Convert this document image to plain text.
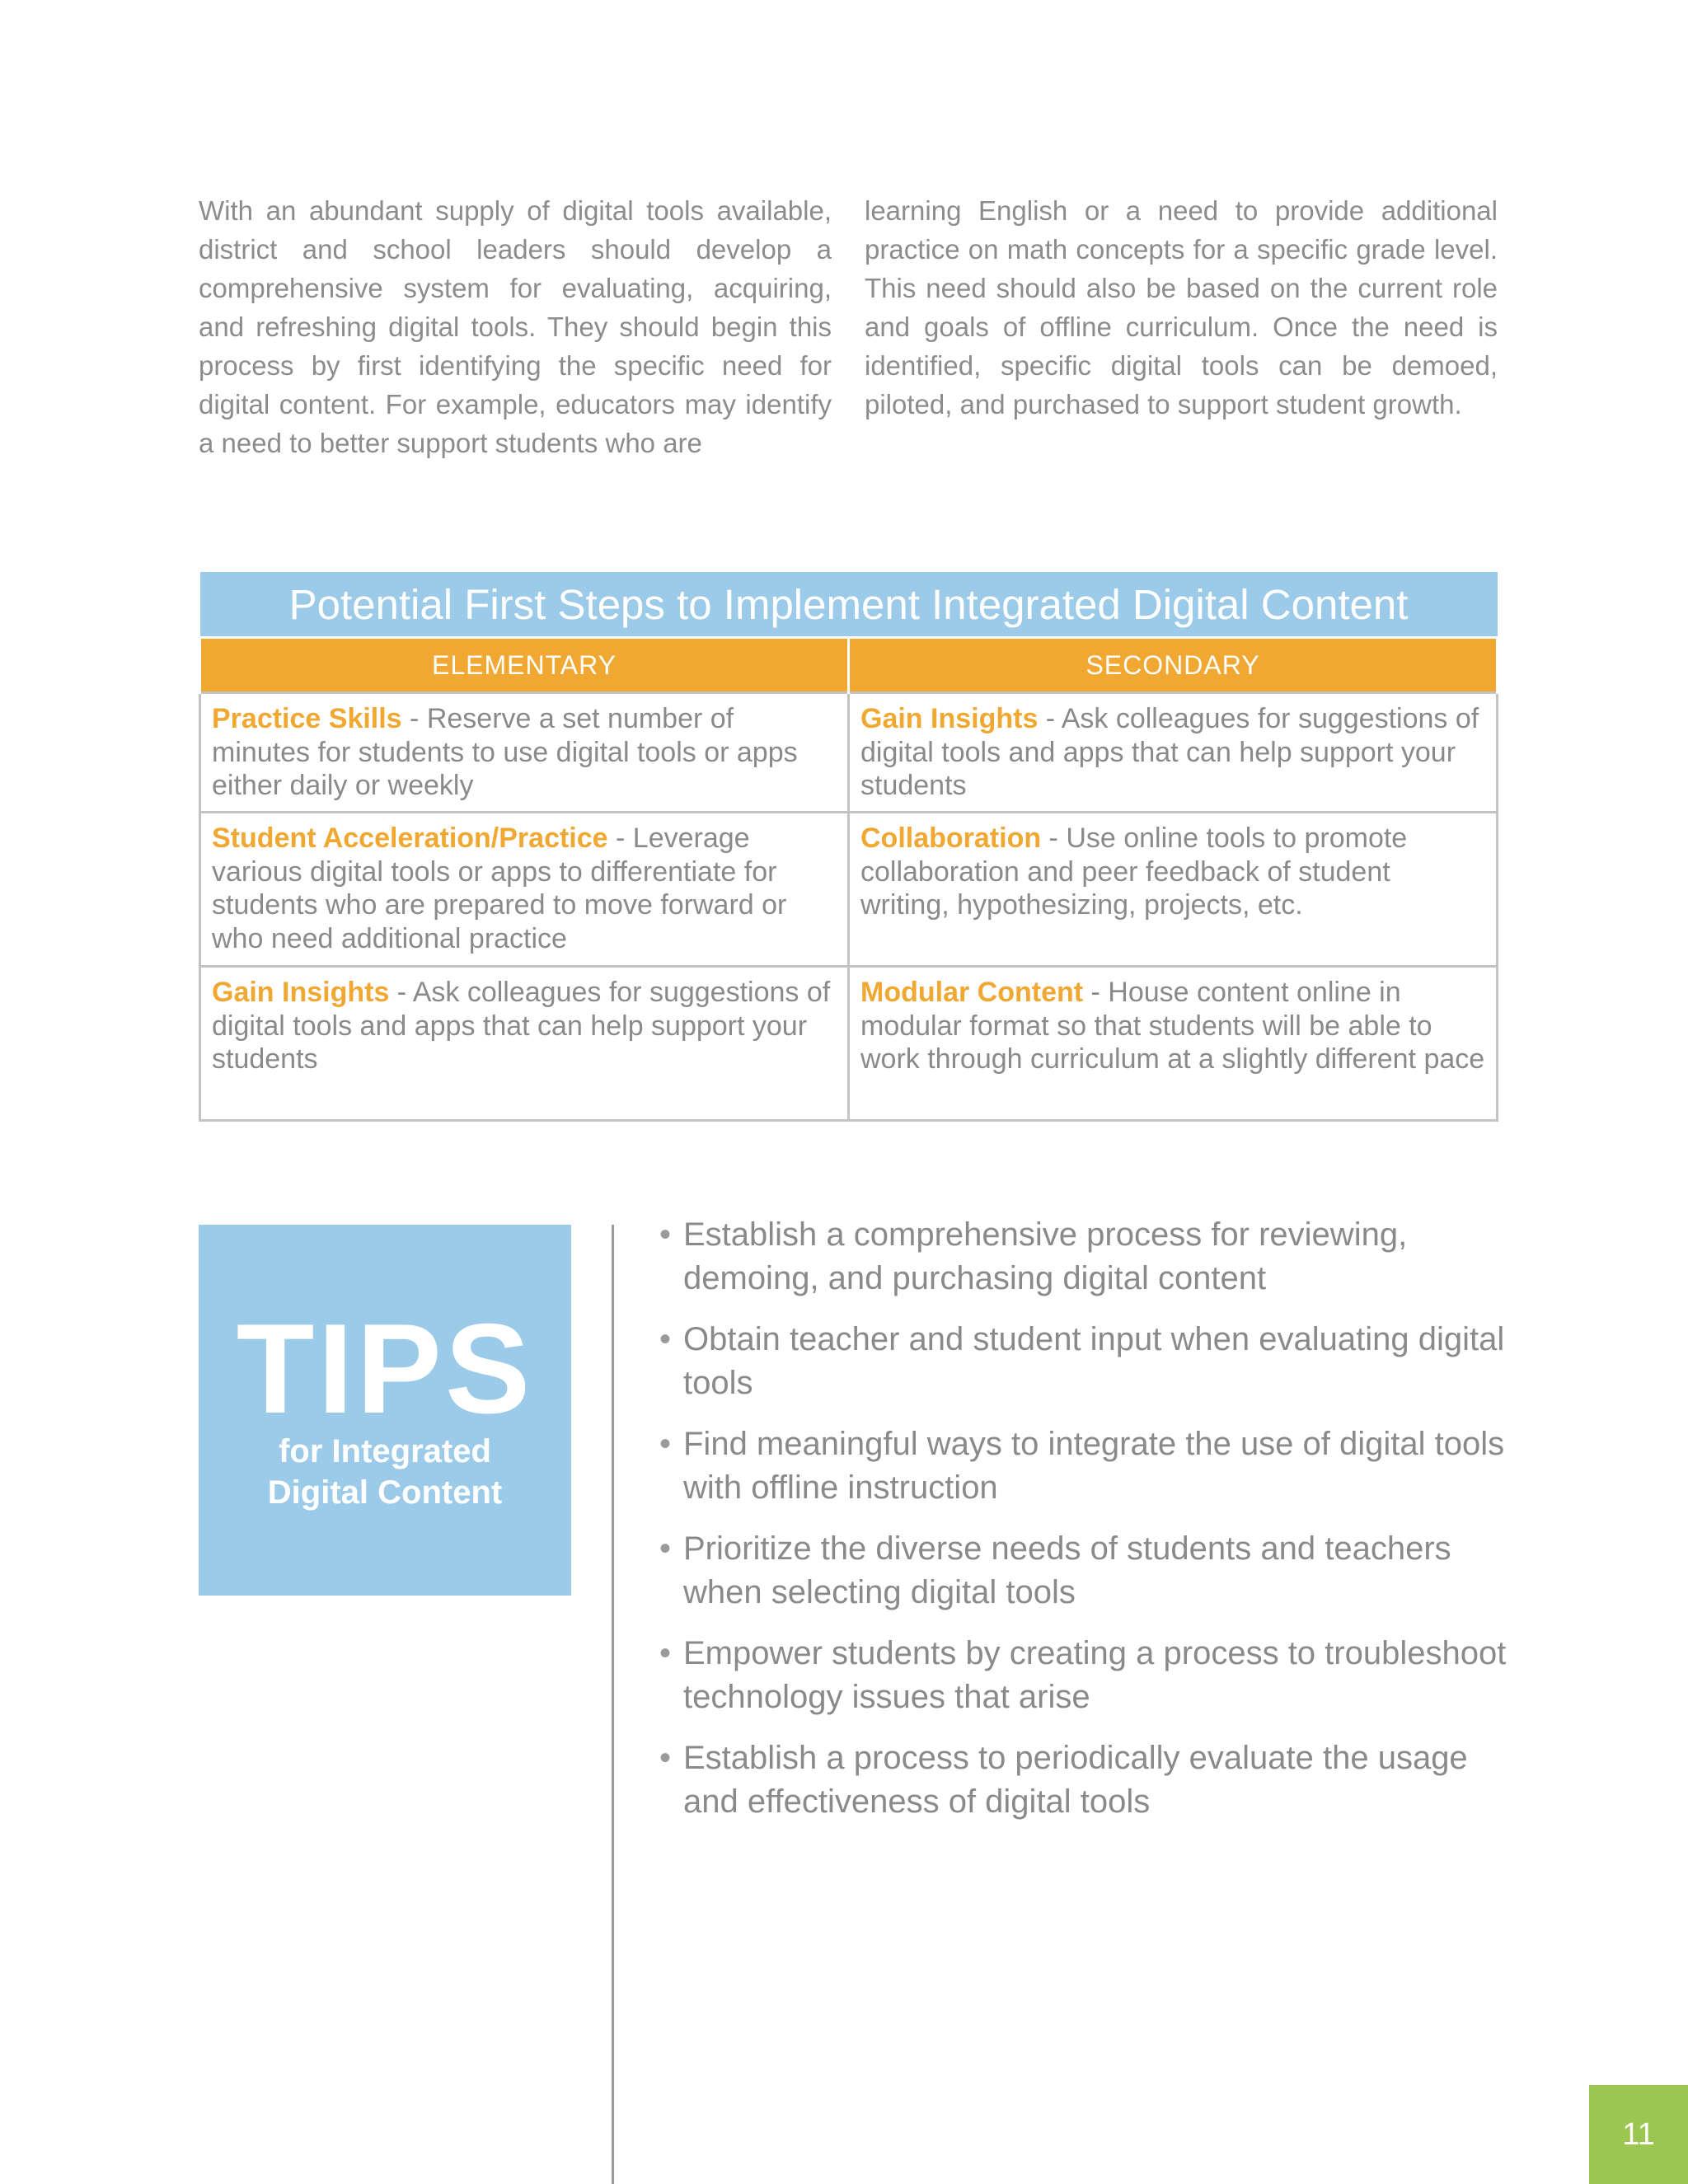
With an abundant supply of digital tools available, district and school leaders should develop a comprehensive system for evaluating, acquiring, and refreshing digital tools. They should begin this process by first identifying the specific need for digital content. For example, educators may identify a need to better support students who are

learning English or a need to provide additional practice on math concepts for a specific grade level. This need should also be based on the current role and goals of offline curriculum. Once the need is identified, specific digital tools can be demoed, piloted, and purchased to support student growth.

Potential First Steps to Implement Integrated Digital Content	
ELEMENTARY	SECONDARY
Practice Skills - Reserve a set number of minutes for students to use digital tools or apps either daily or weekly	Gain Insights - Ask colleagues for suggestions of digital tools and apps that can help support your students
Student Acceleration/Practice - Leverage various digital tools or apps to differentiate for students who are prepared to move forward or who need additional practice	Collaboration - Use online tools to promote collaboration and peer feedback of student writing, hypothesizing, projects, etc.
Gain Insights - Ask colleagues for suggestions of digital tools and apps that can help support your students	Modular Content - House content online in modular format so that students will be able to work through curriculum at a slightly different pace
TIPS
for Integrated
Digital Content
• Establish a comprehensive process for reviewing, demoing, and purchasing digital content
• Obtain teacher and student input when evaluating digital tools
• Find meaningful ways to integrate the use of digital tools with offline instruction
• Prioritize the diverse needs of students and teachers when selecting digital tools
• Empower students by creating a process to troubleshoot technology issues that arise
• Establish a process to periodically evaluate the usage and effectiveness of digital tools
11
